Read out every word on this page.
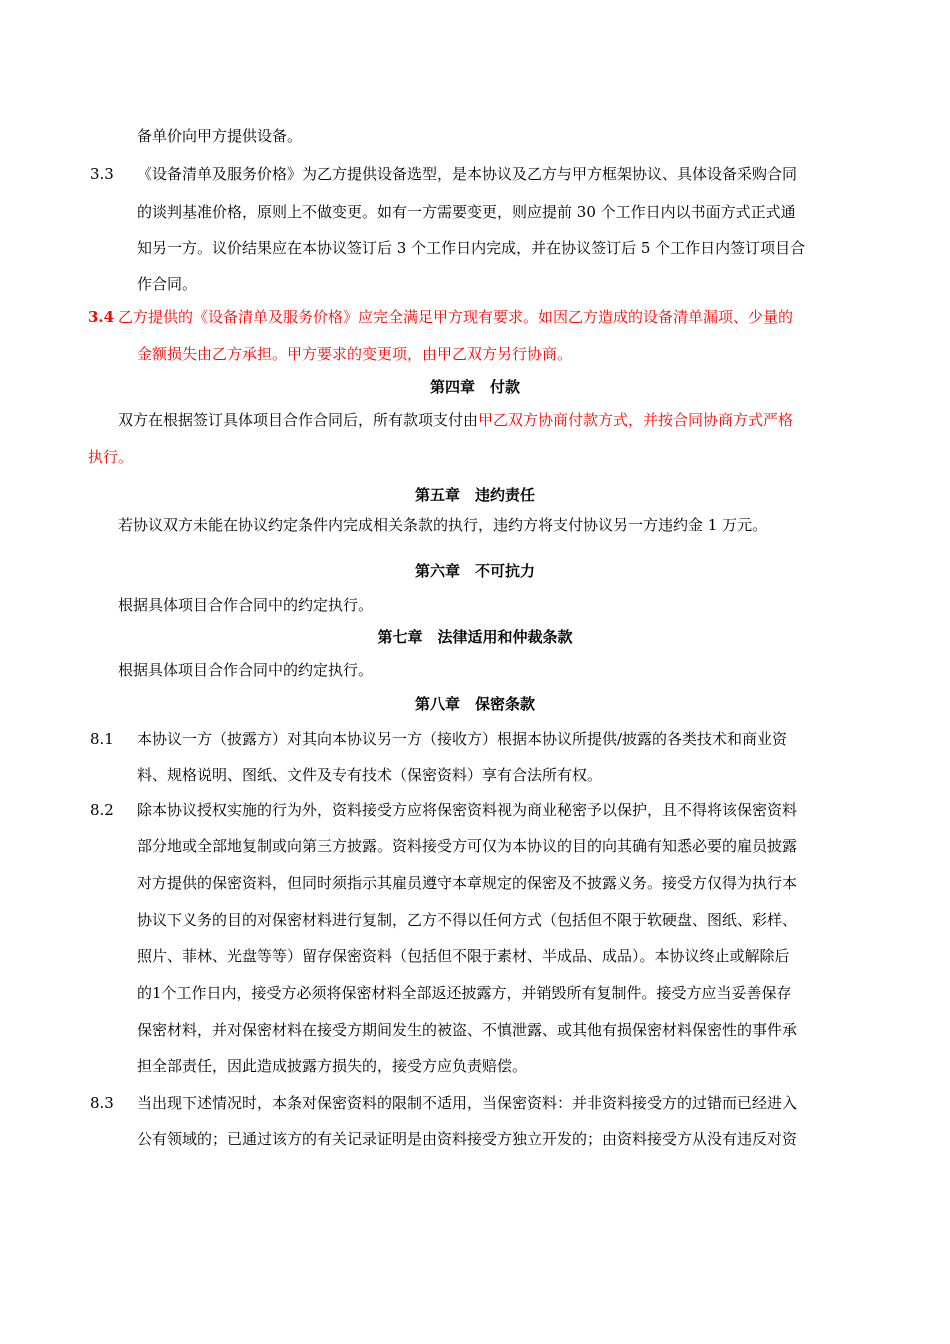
备单价向甲方提供设备。
3.3 《设备清单及服务价格》为乙方提供设备选型，是本协议及乙方与甲方框架协议、具体设备采购合同
的谈判基准价格，原则上不做变更。如有一方需要变更，则应提前 30 个工作日内以书面方式正式通
知另一方。议价结果应在本协议签订后 3 个工作日内完成，并在协议签订后 5 个工作日内签订项目合
作合同。
3.4 乙方提供的《设备清单及服务价格》应完全满足甲方现有要求。如因乙方造成的设备清单漏项、少量的
金额损失由乙方承担。甲方要求的变更项，由甲乙双方另行协商。
第四章　付款
双方在根据签订具体项目合作合同后，所有款项支付由甲乙双方协商付款方式，并按合同协商方式严格
执行。
第五章　违约责任
若协议双方未能在协议约定条件内完成相关条款的执行，违约方将支付协议另一方违约金 1 万元。
第六章　不可抗力
根据具体项目合作合同中的约定执行。
第七章　法律适用和仲裁条款
根据具体项目合作合同中的约定执行。
第八章　保密条款
8.1 本协议一方（披露方）对其向本协议另一方（接收方）根据本协议所提供/披露的各类技术和商业资
料、规格说明、图纸、文件及专有技术（保密资料）享有合法所有权。
8.2 除本协议授权实施的行为外，资料接受方应将保密资料视为商业秘密予以保护，且不得将该保密资料
部分地或全部地复制或向第三方披露。资料接受方可仅为本协议的目的向其确有知悉必要的雇员披露
对方提供的保密资料，但同时须指示其雇员遵守本章规定的保密及不披露义务。接受方仅得为执行本
协议下义务的目的对保密材料进行复制，乙方不得以任何方式（包括但不限于软硬盘、图纸、彩样、
照片、菲林、光盘等等）留存保密资料（包括但不限于素材、半成品、成品）。本协议终止或解除后
的1个工作日内，接受方必须将保密材料全部返还披露方，并销毁所有复制件。接受方应当妥善保存
保密材料，并对保密材料在接受方期间发生的被盗、不慎泄露、或其他有损保密材料保密性的事件承
担全部责任，因此造成披露方损失的，接受方应负责赔偿。
8.3 当出现下述情况时，本条对保密资料的限制不适用，当保密资料：并非资料接受方的过错而已经进入
公有领域的；已通过该方的有关记录证明是由资料接受方独立开发的；由资料接受方从没有违反对资
